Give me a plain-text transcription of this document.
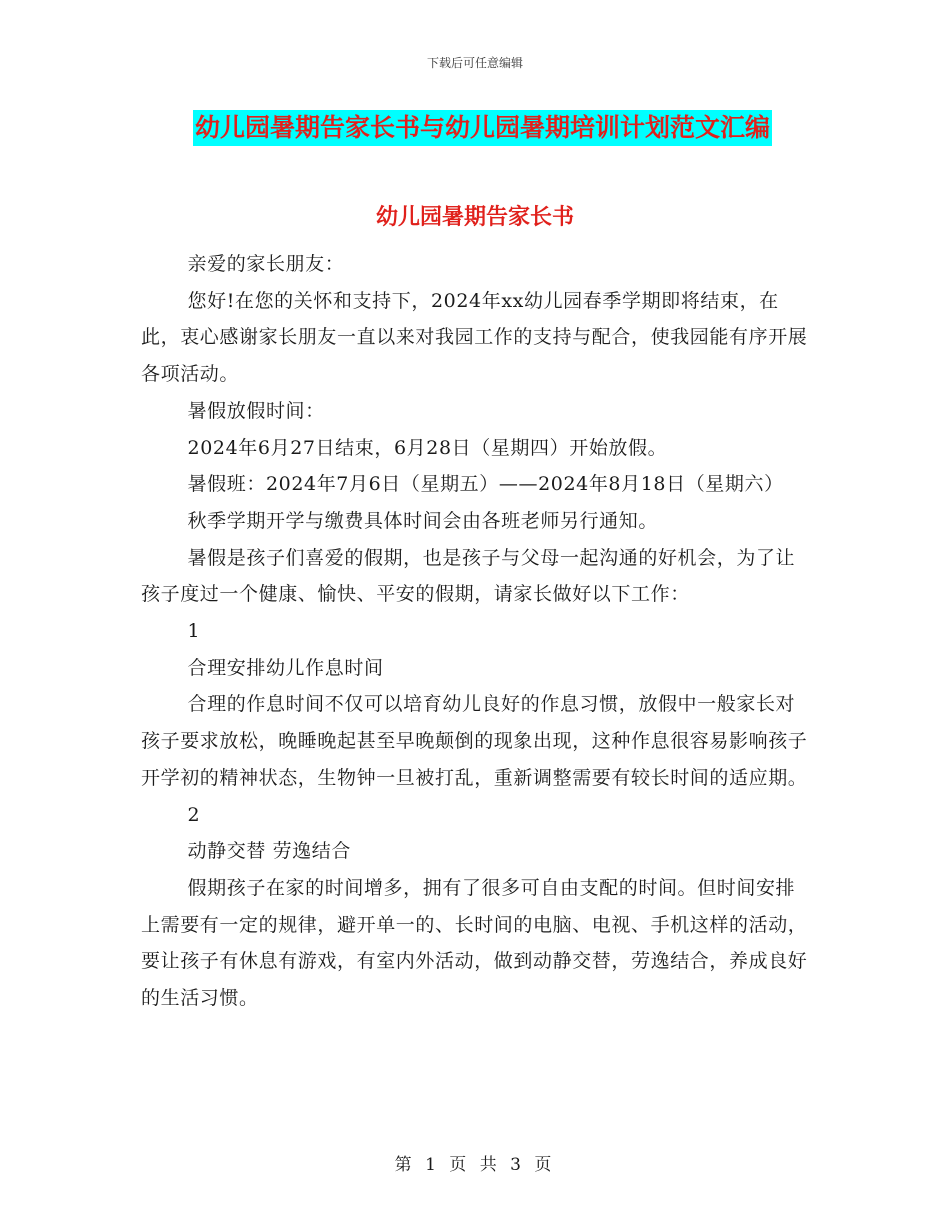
下载后可任意编辑
幼儿园暑期告家长书与幼儿园暑期培训计划范文汇编
幼儿园暑期告家长书

亲爱的家长朋友：

您好!在您的关怀和支持下，2024年xx幼儿园春季学期即将结束，在此，衷心感谢家长朋友一直以来对我园工作的支持与配合，使我园能有序开展各项活动。

暑假放假时间：

2024年6月27日结束，6月28日（星期四）开始放假。

暑假班：2024年7月6日（星期五）——2024年8月18日（星期六）

秋季学期开学与缴费具体时间会由各班老师另行通知。

暑假是孩子们喜爱的假期，也是孩子与父母一起沟通的好机会，为了让孩子度过一个健康、愉快、平安的假期，请家长做好以下工作：

1

合理安排幼儿作息时间

合理的作息时间不仅可以培育幼儿良好的作息习惯，放假中一般家长对孩子要求放松，晚睡晚起甚至早晚颠倒的现象出现，这种作息很容易影响孩子开学初的精神状态，生物钟一旦被打乱，重新调整需要有较长时间的适应期。

2

动静交替 劳逸结合

假期孩子在家的时间增多，拥有了很多可自由支配的时间。但时间安排上需要有一定的规律，避开单一的、长时间的电脑、电视、手机这样的活动，要让孩子有休息有游戏，有室内外活动，做到动静交替，劳逸结合，养成良好的生活习惯。

第 1 页 共 3 页
